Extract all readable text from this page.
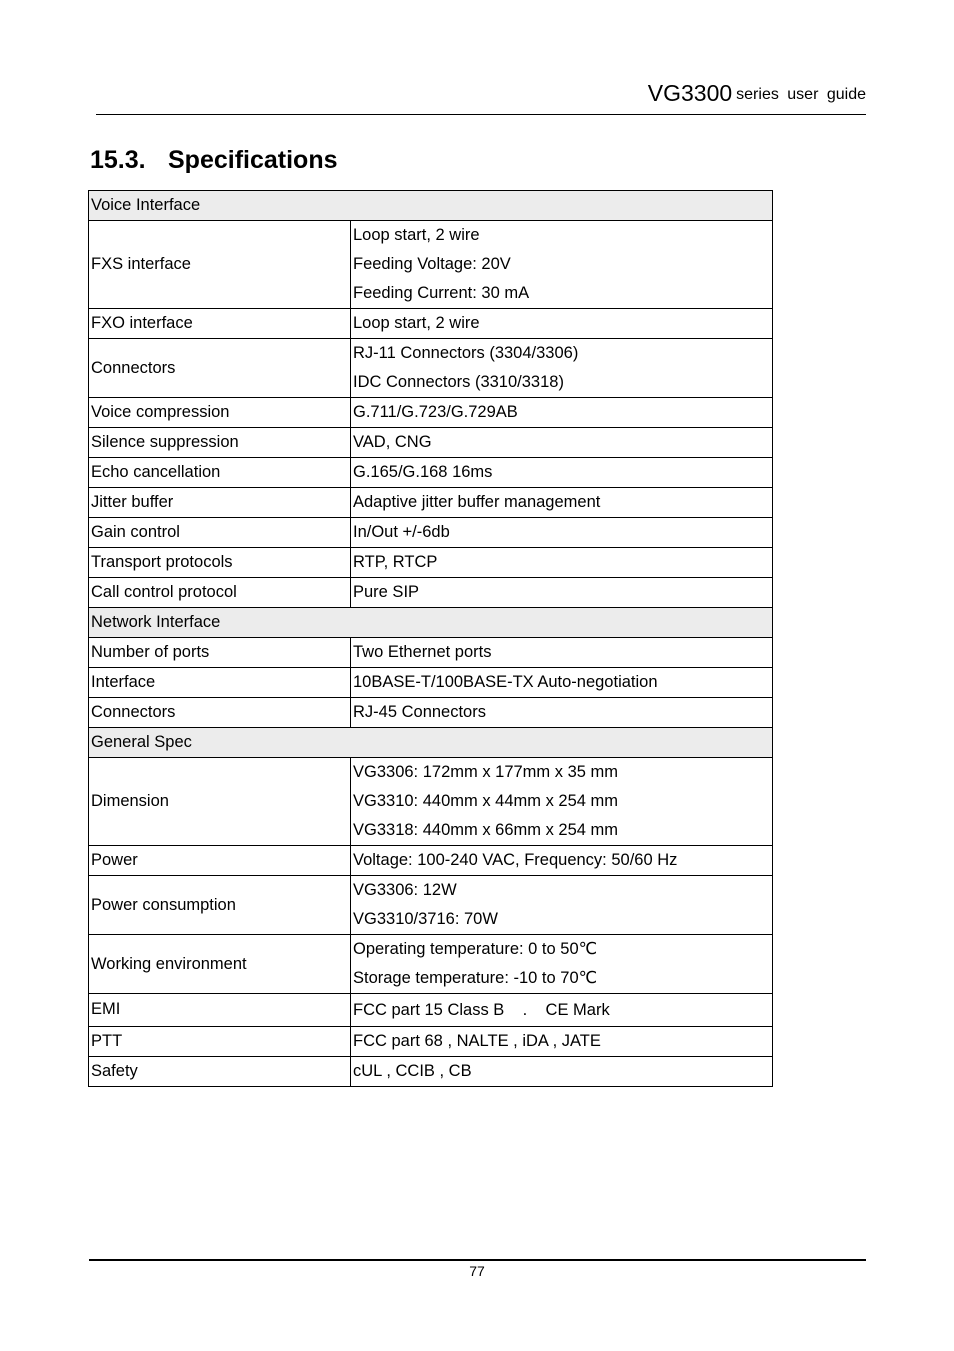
VG3300 series user guide
15.3. Specifications
Voice Interface	
FXS interface	Loop start, 2 wire
Feeding Voltage: 20V
Feeding Current: 30 mA

FXO interface	Loop start, 2 wire
Connectors	RJ-11 Connectors (3304/3306)
IDC Connectors (3310/3318)

Voice compression	G.711/G.723/G.729AB
Silence suppression	VAD, CNG
Echo cancellation	G.165/G.168 16ms
Jitter buffer	Adaptive jitter buffer management
Gain control	In/Out +/-6db
Transport protocols	RTP, RTCP
Call control protocol	Pure SIP
Network Interface	
Number of ports	Two Ethernet ports
Interface	10BASE-T/100BASE-TX Auto-negotiation
Connectors	RJ-45 Connectors
General Spec	
Dimension	VG3306: 172mm x 177mm x 35 mm
VG3310: 440mm x 44mm x 254 mm
VG3318: 440mm x 66mm x 254 mm

Power	Voltage: 100-240 VAC, Frequency: 50/60 Hz
Power consumption	VG3306: 12W
VG3310/3716: 70W

Working environment	Operating temperature: 0 to 50℃
Storage temperature: -10 to 70℃

EMI	FCC part 15 Class B    .    CE Mark
PTT	FCC part 68 , NALTE , iDA , JATE
Safety	cUL , CCIB , CB
77
